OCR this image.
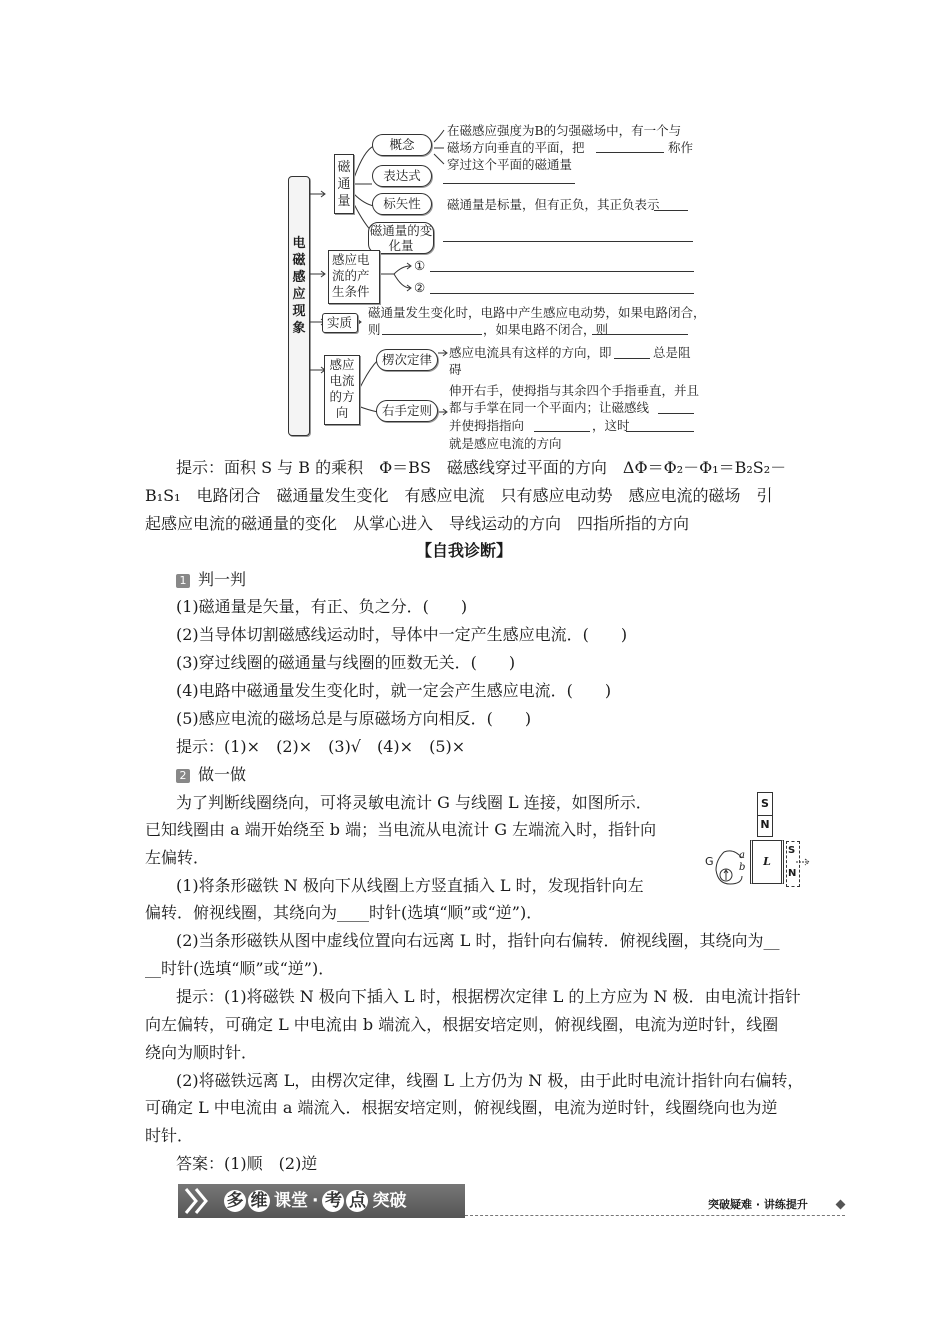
电磁感应现象
磁通量
概念
表达式
标矢性
磁通量的变化量
在磁感应强度为B的匀强磁场中，有一个与
磁场方向垂直的平面，把	称作
穿过这个平面的磁通量
磁通量是标量，但有正负，其正负表示
感应电流的产生条件
①
②
实质
磁通量发生变化时，电路中产生感应电动势，如果电路闭合，
则	，如果电路不闭合，则
感应电流的方向
楞次定律
右手定则
感应电流具有这样的方向，即	总是阻
碍
伸开右手，使拇指与其余四个手指垂直，并且
都与手掌在同一个平面内；让磁感线
并使拇指指向	，这时
就是感应电流的方向
提示：面积 S 与 B 的乘积　Φ＝BS　磁感线穿过平面的方向　ΔΦ＝Φ₂－Φ₁＝B₂S₂－
B₁S₁　电路闭合　磁通量发生变化　有感应电流　只有感应电动势　感应电流的磁场　引
起感应电流的磁通量的变化　从掌心进入　导线运动的方向　四指所指的方向
【自我诊断】
1 判一判
(1)磁通量是矢量，有正、负之分．(　　)
(2)当导体切割磁感线运动时，导体中一定产生感应电流．(　　)
(3)穿过线圈的磁通量与线圈的匝数无关．(　　)
(4)电路中磁通量发生变化时，就一定会产生感应电流．(　　)
(5)感应电流的磁场总是与原磁场方向相反．(　　)
提示：(1)×　(2)×　(3)√　(4)×　(5)×
2 做一做
为了判断线圈绕向，可将灵敏电流计 G 与线圈 L 连接，如图所示．
已知线圈由 a 端开始绕至 b 端；当电流从电流计 G 左端流入时，指针向
左偏转．
(1)将条形磁铁 N 极向下从线圈上方竖直插入 L 时，发现指针向左
偏转．俯视线圈，其绕向为____时针(选填“顺”或“逆”)．
(2)当条形磁铁从图中虚线位置向右远离 L 时，指针向右偏转．俯视线圈，其绕向为__
__时针(选填“顺”或“逆”)．
提示：(1)将磁铁 N 极向下插入 L 时，根据楞次定律 L 的上方应为 N 极．由电流计指针
向左偏转，可确定 L 中电流由 b 端流入，根据安培定则，俯视线圈，电流为逆时针，线圈
绕向为顺时针．
(2)将磁铁远离 L，由楞次定律，线圈 L 上方仍为 N 极，由于此时电流计指针向右偏转，
可确定 L 中电流由 a 端流入．根据安培定则，俯视线圈，电流为逆时针，线圈绕向也为逆
时针．
答案：(1)顺　(2)逆
S
N
L
a
b
G
S
N
多 维 课堂 · 考 点 突破	突破疑难 · 讲练提升
